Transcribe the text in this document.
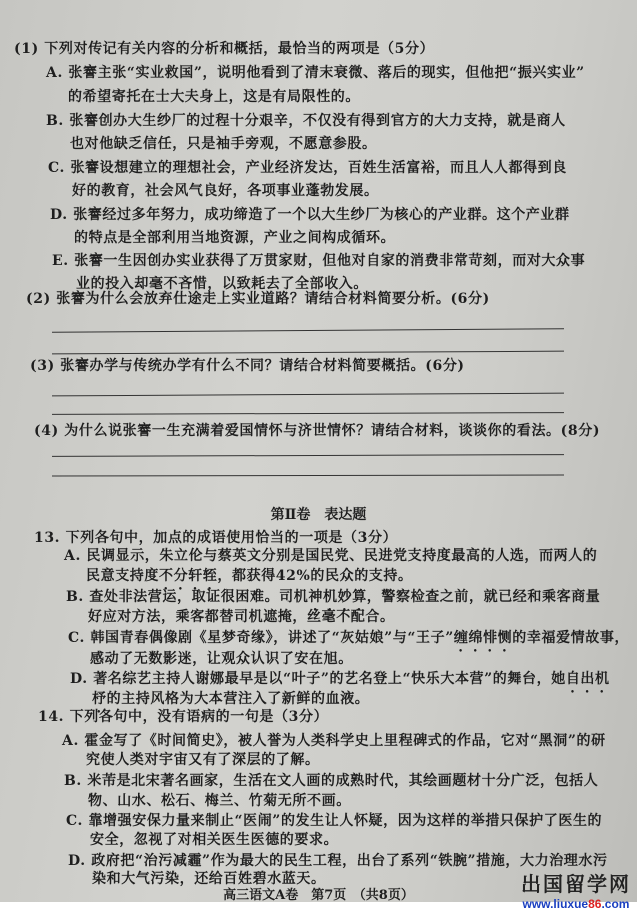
(1) 下列对传记有关内容的分析和概括，最恰当的两项是（5分）
A. 张謇主张“实业救国”，说明他看到了清末衰微、落后的现实，但他把“振兴实业”
的希望寄托在士大夫身上，这是有局限性的。
B. 张謇创办大生纱厂的过程十分艰辛，不仅没有得到官方的大力支持，就是商人
也对他缺乏信任，只是袖手旁观，不愿意参股。
C. 张謇设想建立的理想社会，产业经济发达，百姓生活富裕，而且人人都得到良
好的教育，社会风气良好，各项事业蓬勃发展。
D. 张謇经过多年努力，成功缔造了一个以大生纱厂为核心的产业群。这个产业群
的特点是全部利用当地资源，产业之间构成循环。
E. 张謇一生因创办实业获得了万贯家财，但他对自家的消费非常苛刻，而对大众事
业的投入却毫不吝惜，以致耗去了全部收入。
(2) 张謇为什么会放弃仕途走上实业道路？请结合材料简要分析。(6分)
(3) 张謇办学与传统办学有什么不同？请结合材料简要概括。(6分)
(4) 为什么说张謇一生充满着爱国情怀与济世情怀？请结合材料，谈谈你的看法。(8分)
第Ⅱ卷　表达题
13. 下列各句中，加点的成语使用恰当的一项是（3分）
A. 民调显示，朱立伦与蔡英文分别是国民党、民进党支持度最高的人选，而两人的
民意支持度不分轩轾，都获得42%的民众的支持。
B. 查处非法营运，取证很困难。司机神机妙算，警察检查之前，就已经和乘客商量
好应对方法，乘客都替司机遮掩，丝毫不配合。
C. 韩国青春偶像剧《星梦奇缘》，讲述了“灰姑娘”与“王子”缠绵悱恻的幸福爱情故事，
感动了无数影迷，让观众认识了安在旭。
D. 著名综艺主持人谢娜最早是以“叶子”的艺名登上“快乐大本营”的舞台，她自出机
杼的主持风格为大本营注入了新鲜的血液。
14. 下列各句中，没有语病的一句是（3分）
A. 霍金写了《时间简史》，被人誉为人类科学史上里程碑式的作品，它对“黑洞”的研
究使人类对宇宙又有了深层的了解。
B. 米芾是北宋著名画家，生活在文人画的成熟时代，其绘画题材十分广泛，包括人
物、山水、松石、梅兰、竹菊无所不画。
C. 靠增强安保力量来制止“医闹”的发生让人怀疑，因为这样的举措只保护了医生的
安全，忽视了对相关医生医德的要求。
D. 政府把“治污减霾”作为最大的民生工程，出台了系列“铁腕”措施，大力治理水污
染和大气污染，还给百姓碧水蓝天。
高三语文A卷　第7页　（共8页）	出国留学网
www.liuxue86.com
